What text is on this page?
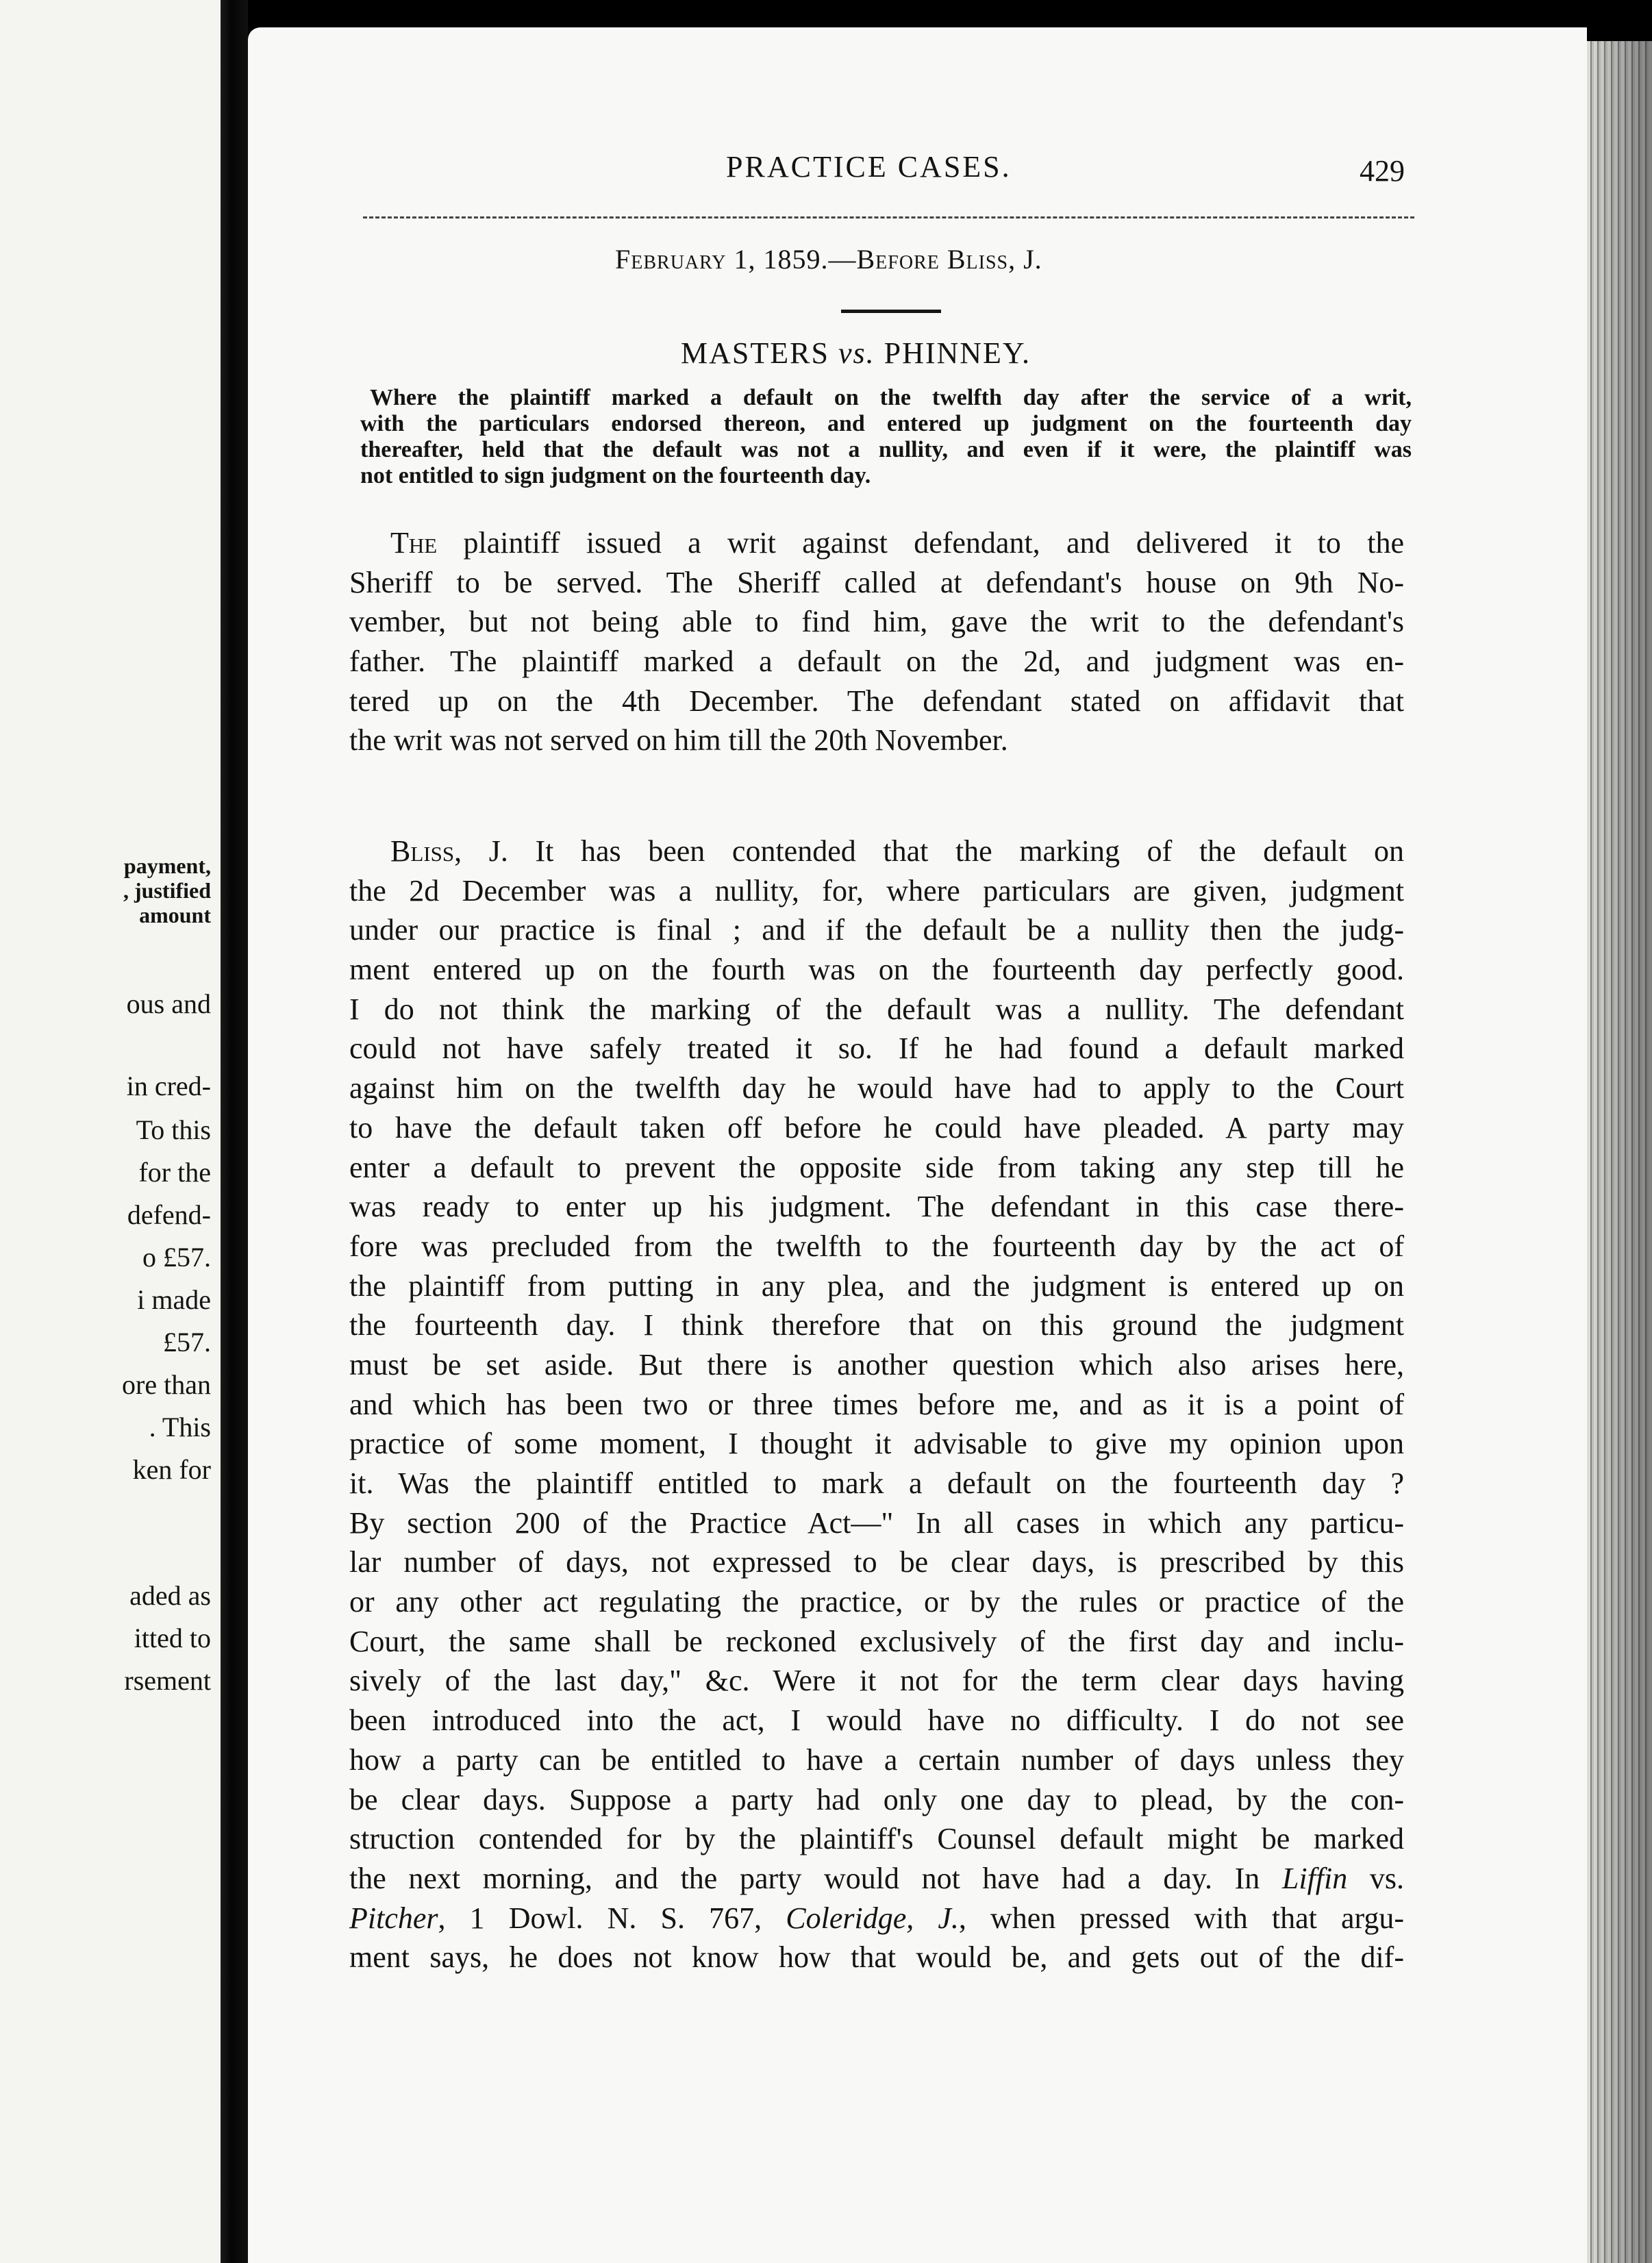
payment,
, justified
amount
ous and
in cred-
To this
for the
defend-
o £57.
i made
£57.
ore than
. This
ken for
aded as
itted to
rsement
PRACTICE CASES.	429
February 1, 1859.—Before Bliss, J.
MASTERS vs. PHINNEY.
Where the plaintiff marked a default on the twelfth day after the service of a writ,
with the particulars endorsed thereon, and entered up judgment on the fourteenth day
thereafter, held that the default was not a nullity, and even if it were, the plaintiff was
not entitled to sign judgment on the fourteenth day.
The plaintiff issued a writ against defendant, and delivered it to the
Sheriff to be served. The Sheriff called at defendant's house on 9th No-
vember, but not being able to find him, gave the writ to the defendant's
father. The plaintiff marked a default on the 2d, and judgment was en-
tered up on the 4th December. The defendant stated on affidavit that
the writ was not served on him till the 20th November.
Bliss, J. It has been contended that the marking of the default on
the 2d December was a nullity, for, where particulars are given, judgment
under our practice is final ; and if the default be a nullity then the judg-
ment entered up on the fourth was on the fourteenth day perfectly good.
I do not think the marking of the default was a nullity. The defendant
could not have safely treated it so. If he had found a default marked
against him on the twelfth day he would have had to apply to the Court
to have the default taken off before he could have pleaded. A party may
enter a default to prevent the opposite side from taking any step till he
was ready to enter up his judgment. The defendant in this case there-
fore was precluded from the twelfth to the fourteenth day by the act of
the plaintiff from putting in any plea, and the judgment is entered up on
the fourteenth day. I think therefore that on this ground the judgment
must be set aside. But there is another question which also arises here,
and which has been two or three times before me, and as it is a point of
practice of some moment, I thought it advisable to give my opinion upon
it. Was the plaintiff entitled to mark a default on the fourteenth day ?
By section 200 of the Practice Act—" In all cases in which any particu-
lar number of days, not expressed to be clear days, is prescribed by this
or any other act regulating the practice, or by the rules or practice of the
Court, the same shall be reckoned exclusively of the first day and inclu-
sively of the last day," &c. Were it not for the term clear days having
been introduced into the act, I would have no difficulty. I do not see
how a party can be entitled to have a certain number of days unless they
be clear days. Suppose a party had only one day to plead, by the con-
struction contended for by the plaintiff's Counsel default might be marked
the next morning, and the party would not have had a day. In Liffin vs.
Pitcher, 1 Dowl. N. S. 767, Coleridge, J., when pressed with that argu-
ment says, he does not know how that would be, and gets out of the dif-
